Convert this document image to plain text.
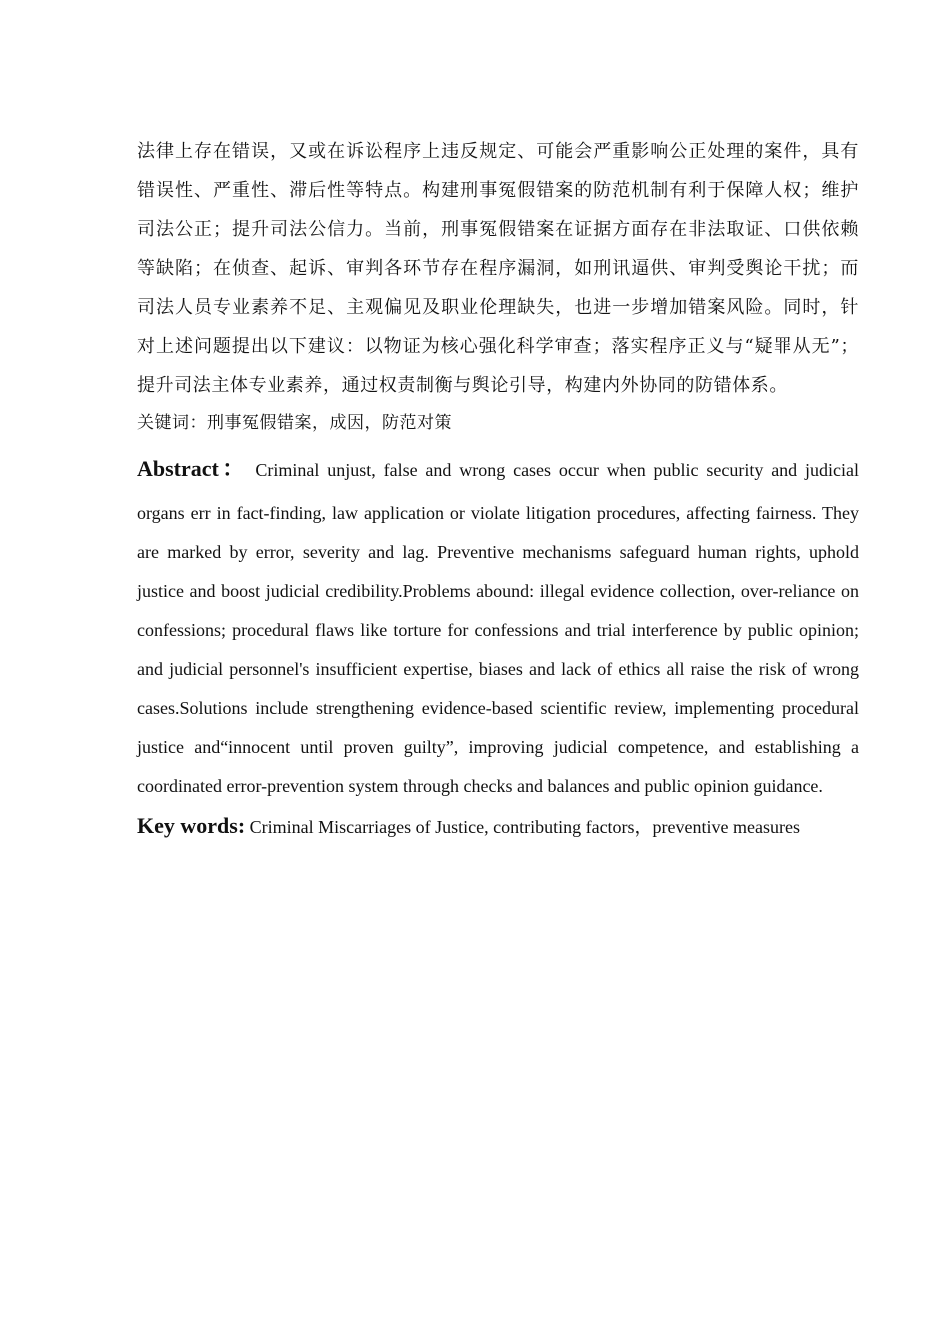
法律上存在错误，又或在诉讼程序上违反规定、可能会严重影响公正处理的案件，具有错误性、严重性、滞后性等特点。构建刑事冤假错案的防范机制有利于保障人权；维护司法公正；提升司法公信力。当前，刑事冤假错案在证据方面存在非法取证、口供依赖等缺陷；在侦查、起诉、审判各环节存在程序漏洞，如刑讯逼供、审判受舆论干扰；而司法人员专业素养不足、主观偏见及职业伦理缺失，也进一步增加错案风险。同时，针对上述问题提出以下建议：以物证为核心强化科学审查；落实程序正义与“疑罪从无”；提升司法主体专业素养，通过权责制衡与舆论引导，构建内外协同的防错体系。

关键词：刑事冤假错案，成因，防范对策

Abstract： Criminal unjust, false and wrong cases occur when public security and judicial
organs err in fact-finding, law application or violate litigation procedures, affecting fairness. They are marked by error, severity and lag. Preventive mechanisms safeguard human rights, uphold justice and boost judicial credibility.Problems abound: illegal evidence collection, over-reliance on confessions; procedural flaws like torture for confessions and trial interference by public opinion; and judicial personnel's insufficient expertise, biases and lack of ethics all raise the risk of wrong cases.Solutions include strengthening evidence-based scientific review, implementing procedural justice and“innocent until proven guilty”, improving judicial competence, and establishing a coordinated error-prevention system through checks and balances and public opinion guidance.

Key words: Criminal Miscarriages of Justice, contributing factors，preventive measures
